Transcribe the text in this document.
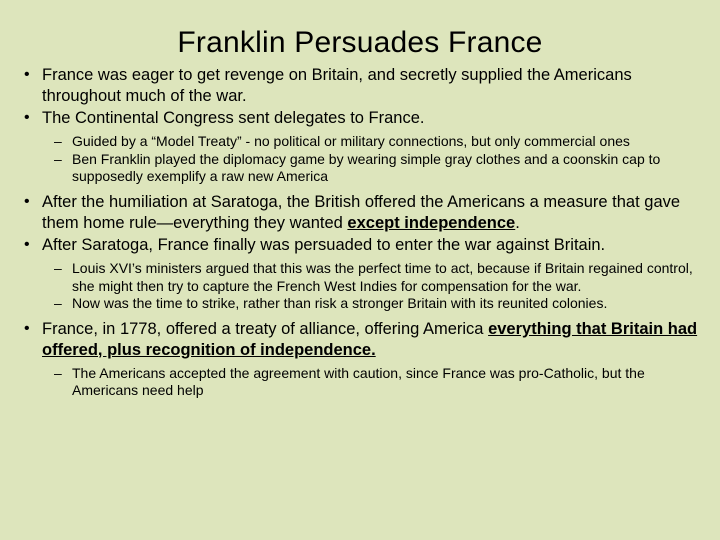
Franklin Persuades France
• France was eager to get revenge on Britain, and secretly supplied the Americans throughout much of the war.
• The Continental Congress sent delegates to France.
– Guided by a “Model Treaty” - no political or military connections, but only commercial ones
– Ben Franklin played the diplomacy game by wearing simple gray clothes and a coonskin cap to supposedly exemplify a raw new America
• After the humiliation at Saratoga, the British offered the Americans a measure that gave them home rule—everything they wanted except independence.
• After Saratoga, France finally was persuaded to enter the war against Britain.
– Louis XVI’s ministers argued that this was the perfect time to act, because if Britain regained control, she might then try to capture the French West Indies for compensation for the war.
– Now was the time to strike, rather than risk a stronger Britain with its reunited colonies.
• France, in 1778, offered a treaty of alliance, offering America everything that Britain had offered, plus recognition of independence.
– The Americans accepted the agreement with caution, since France was pro-Catholic, but the Americans need help
